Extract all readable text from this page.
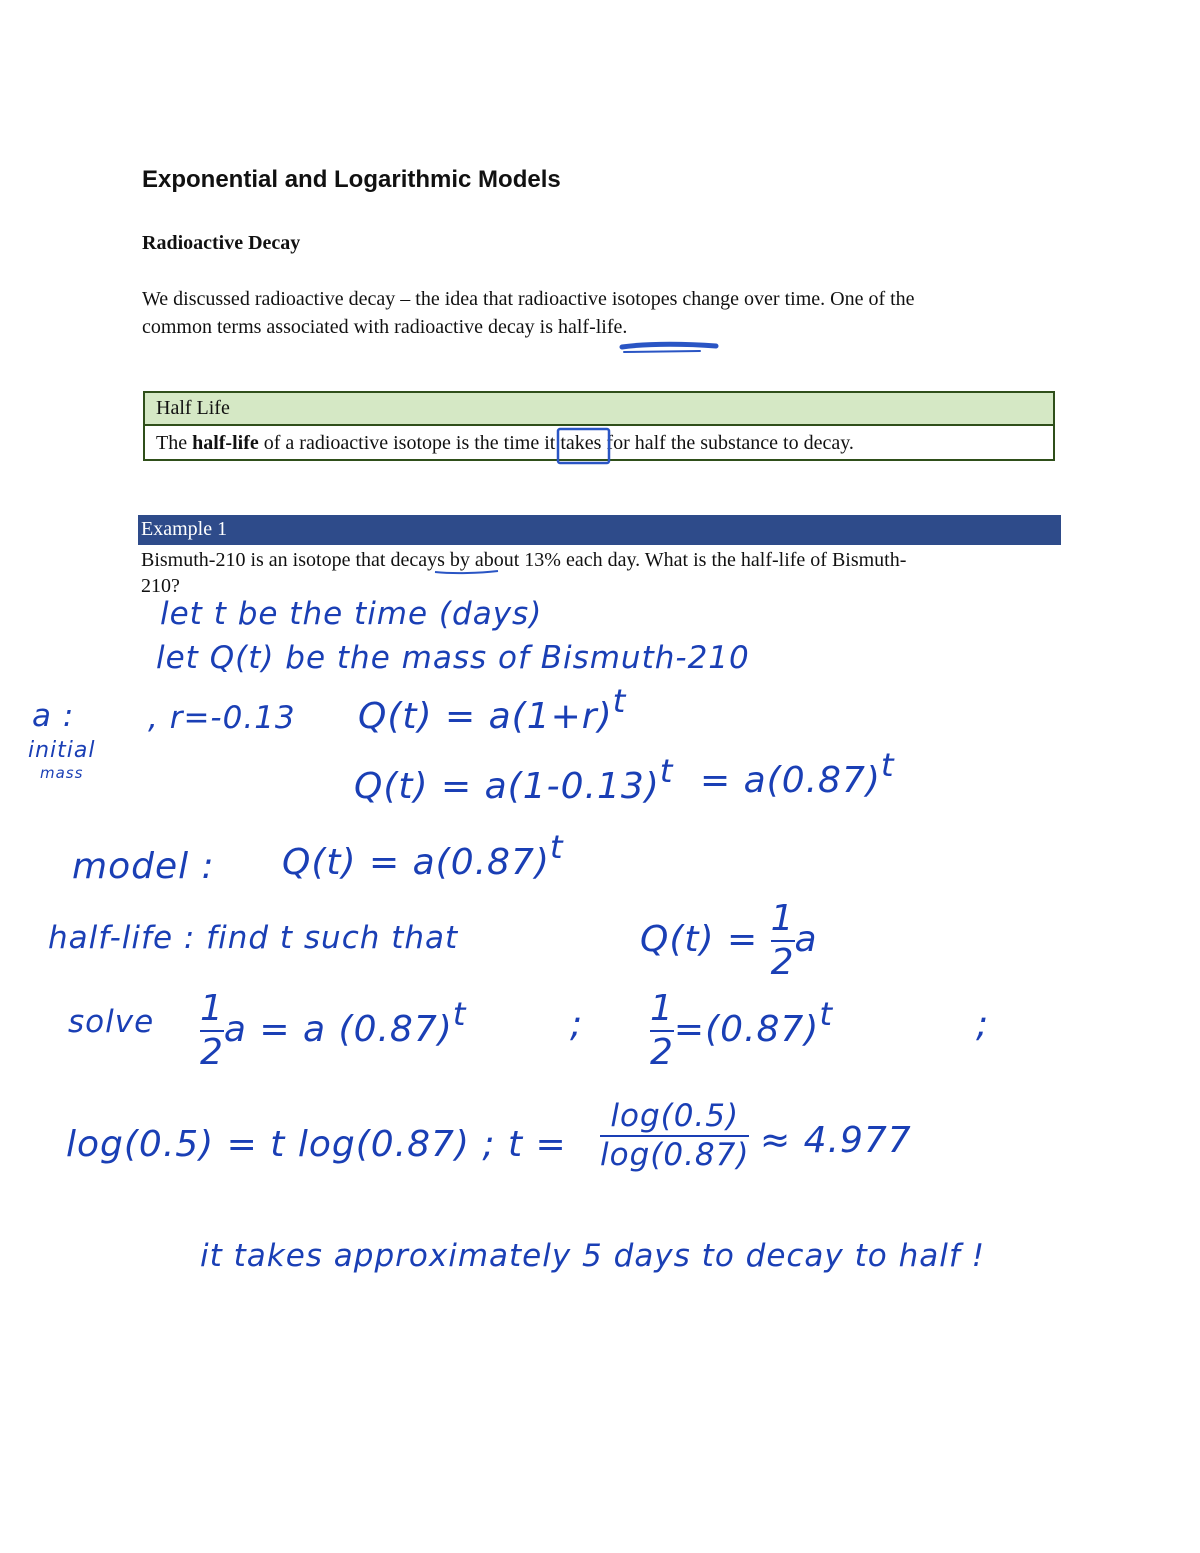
Exponential and Logarithmic Models
Radioactive Decay
We discussed radioactive decay – the idea that radioactive isotopes change over time. One of the
common terms associated with radioactive decay is half-life.
Half Life
The half-life of a radioactive isotope is the time it takes for half the substance to decay.
Example 1
Bismuth-210 is an isotope that decays by about 13% each day. What is the half-life of Bismuth-
210?
let t be the time (days)
let Q(t) be the mass of Bismuth-210
a :
initial
mass
, r=-0.13 $Q(t) = a(1+r)^t$
$Q(t) = a(1-0.13)^t = a(0.87)^t$
model : $Q(t) = a(0.87)^t$
half-life : find t such that	$Q(t) = \frac{1}{2}$ a
solve $\frac{1}{2}$ a = a $(0.87)^t$	; $\frac{1}{2} =(0.87)^t$	;
log(0.5) = t log(0.87) ; $t = \frac{\log(0.5)}{\log(0.87)} \approx 4.977$
it takes approximately 5 days to decay to half !
